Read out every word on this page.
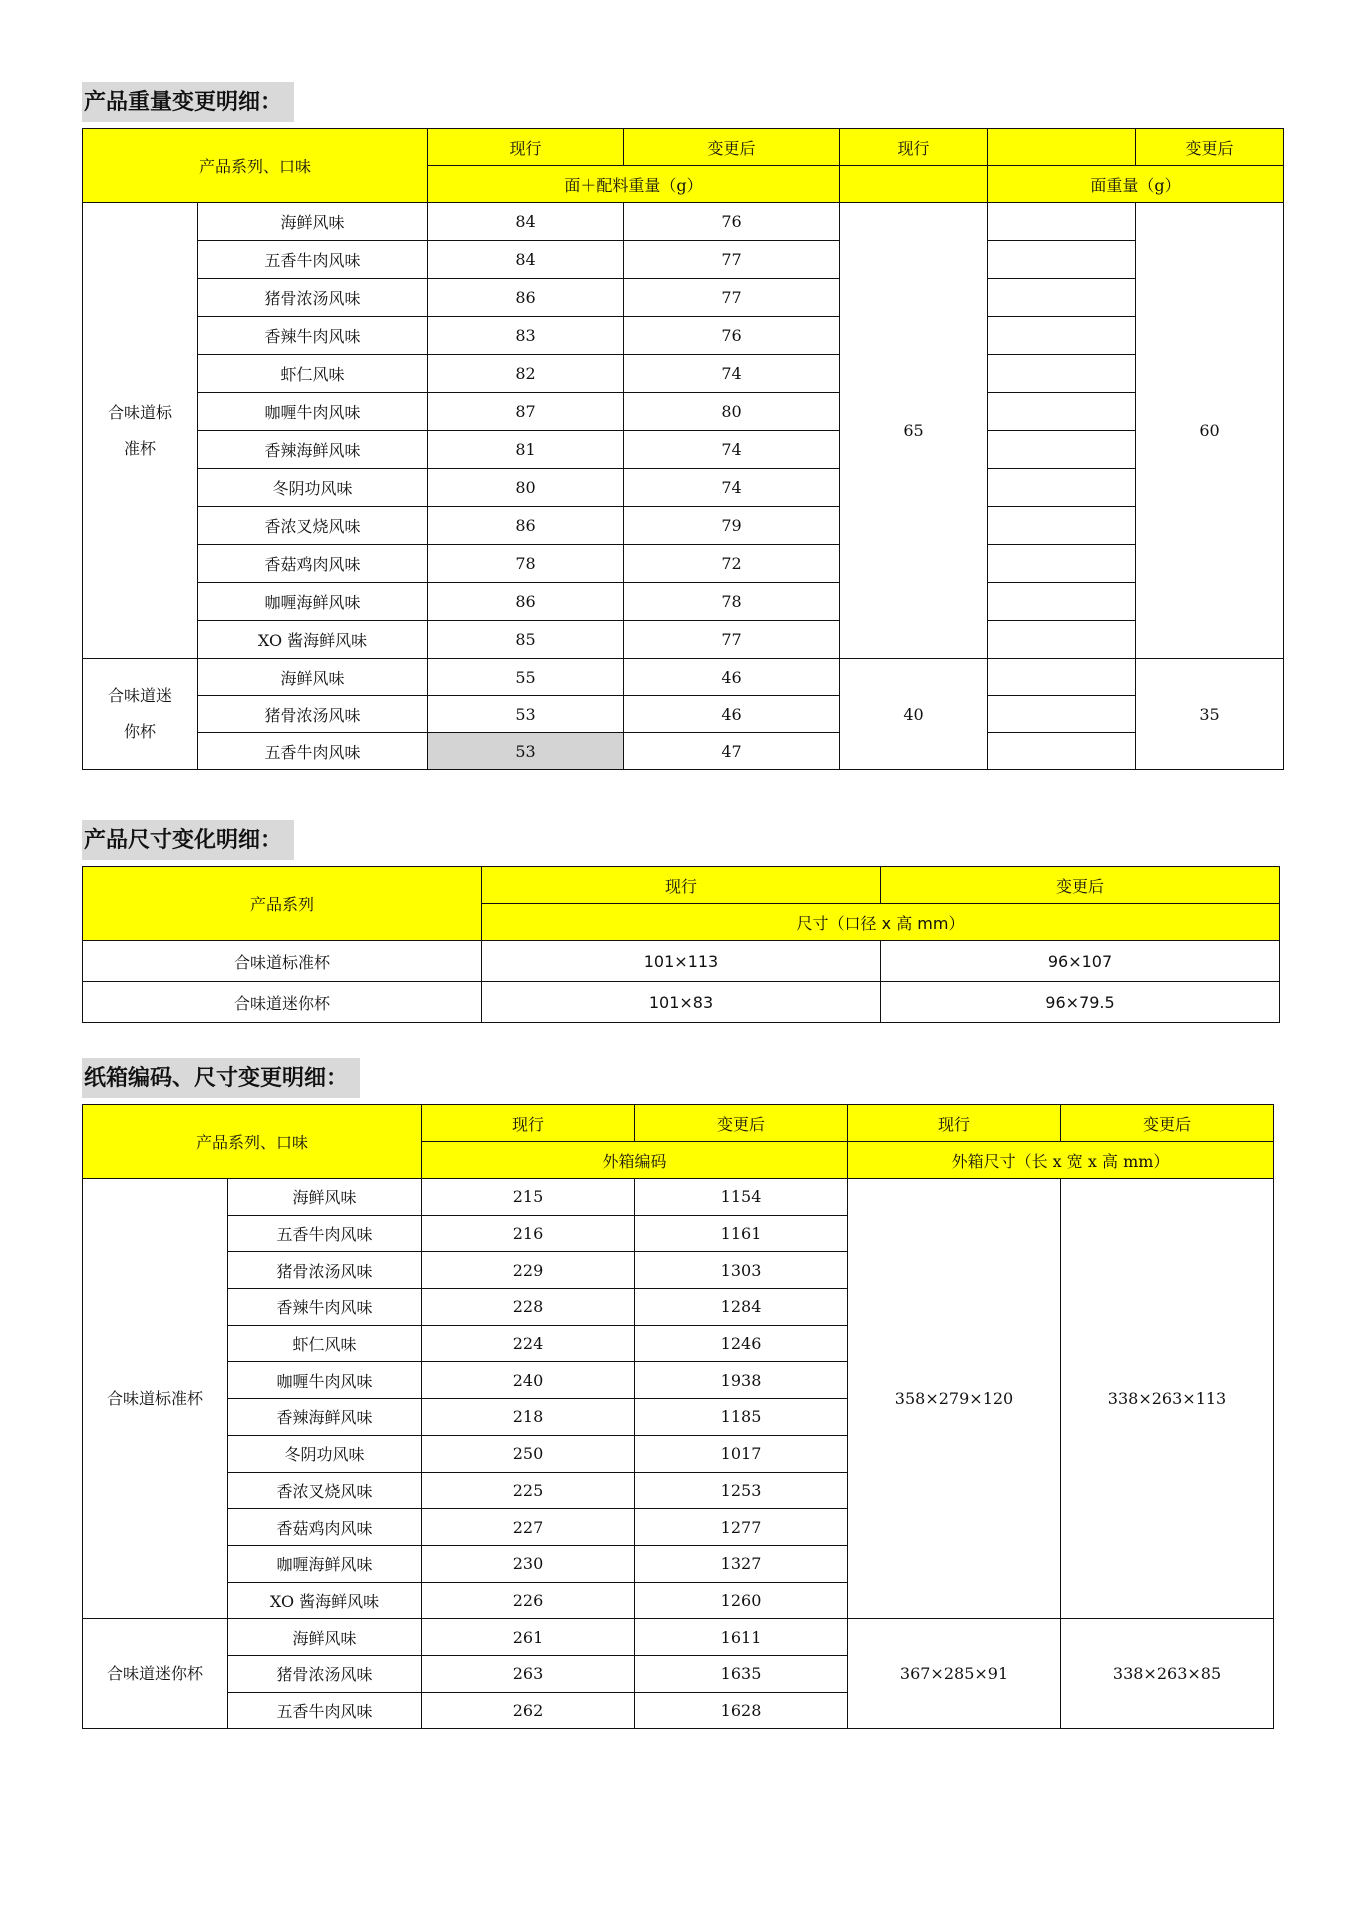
产品重量变更明细：
产品系列、口味		现行	变更后	现行		变更后
		面＋配料重量（g）			面重量（g）	
合味道标准杯	海鲜风味	84	76	65		60
	五香牛肉风味	84	77			
	猪骨浓汤风味	86	77			
	香辣牛肉风味	83	76			
	虾仁风味	82	74			
	咖喱牛肉风味	87	80			
	香辣海鲜风味	81	74			
	冬阴功风味	80	74			
	香浓叉烧风味	86	79			
	香菇鸡肉风味	78	72			
	咖喱海鲜风味	86	78			
	XO 酱海鲜风味	85	77			
合味道迷你杯	海鲜风味	55	46	40		35
	猪骨浓汤风味	53	46			
	五香牛肉风味	53	47			
产品尺寸变化明细：
产品系列	现行	变更后
	尺寸（口径 x 高 mm）	
合味道标准杯	101×113	96×107
合味道迷你杯	101×83	96×79.5
纸箱编码、尺寸变更明细：
产品系列、口味		现行	变更后	现行	变更后
		外箱编码		外箱尺寸（长 x 宽 x 高 mm）	
合味道标准杯	海鲜风味	215	1154	358×279×120	338×263×113
	五香牛肉风味	216	1161		
	猪骨浓汤风味	229	1303		
	香辣牛肉风味	228	1284		
	虾仁风味	224	1246		
	咖喱牛肉风味	240	1938		
	香辣海鲜风味	218	1185		
	冬阴功风味	250	1017		
	香浓叉烧风味	225	1253		
	香菇鸡肉风味	227	1277		
	咖喱海鲜风味	230	1327		
	XO 酱海鲜风味	226	1260		
合味道迷你杯	海鲜风味	261	1611	367×285×91	338×263×85
	猪骨浓汤风味	263	1635		
	五香牛肉风味	262	1628		
